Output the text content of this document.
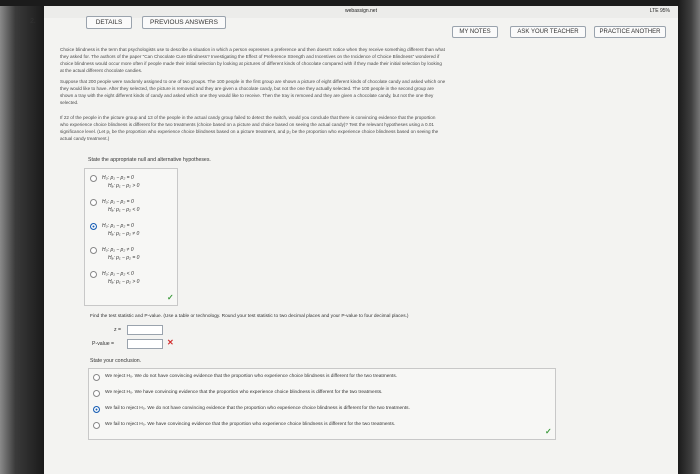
webassign.net	LTE 95%
2.	DETAILS	PREVIOUS ANSWERS
MY NOTES	ASK YOUR TEACHER	PRACTICE ANOTHER
Choice blindness is the term that psychologists use to describe a situation in which a person expresses a preference and then doesn't notice when they receive something different than what
they asked for. The authors of the paper "Can Chocolate Cure Blindness? Investigating the Effect of Preference Strength and Incentives on the Incidence of Choice Blindness" wondered if
choice blindness would occur more often if people made their initial selection by looking at pictures of different kinds of chocolate compared with if they made their initial selection by looking
at the actual different chocolate candies.
Suppose that 200 people were randomly assigned to one of two groups. The 100 people in the first group are shown a picture of eight different kinds of chocolate candy and asked which one
they would like to have. After they selected, the picture is removed and they are given a chocolate candy, but not the one they actually selected. The 100 people in the second group are
shown a tray with the eight different kinds of candy and asked which one they would like to receive. Then the tray is removed and they are given a chocolate candy, but not the one they
selected.
If 22 of the people in the picture group and 13 of the people in the actual candy group failed to detect the switch, would you conclude that there is convincing evidence that the proportion
who experience choice blindness is different for the two treatments (choice based on a picture and choice based on seeing the actual candy)? Test the relevant hypotheses using a 0.01
significance level. (Let p₁ be the proportion who experience choice blindness based on a picture treatment, and p₂ be the proportion who experience choice blindness based on seeing the
actual candy treatment.)
State the appropriate null and alternative hypotheses.
H₀: p₁ − p₂ = 0
Hₐ: p₁ − p₂ > 0
H₀: p₁ − p₂ = 0
Hₐ: p₁ − p₂ < 0
H₀: p₁ − p₂ = 0
Hₐ: p₁ − p₂ ≠ 0
H₀: p₁ − p₂ ≠ 0
Hₐ: p₁ − p₂ = 0
H₀: p₁ − p₂ < 0
Hₐ: p₁ − p₂ > 0
✓
Find the test statistic and P-value. (Use a table or technology. Round your test statistic to two decimal places and your P-value to four decimal places.)
z =
P-value =	✕
State your conclusion.
We reject H₀. We do not have convincing evidence that the proportion who experience choice blindness is different for the two treatments.
We reject H₀. We have convincing evidence that the proportion who experience choice blindness is different for the two treatments.
We fail to reject H₀. We do not have convincing evidence that the proportion who experience choice blindness is different for the two treatments.
We fail to reject H₀. We have convincing evidence that the proportion who experience choice blindness is different for the two treatments.
✓
